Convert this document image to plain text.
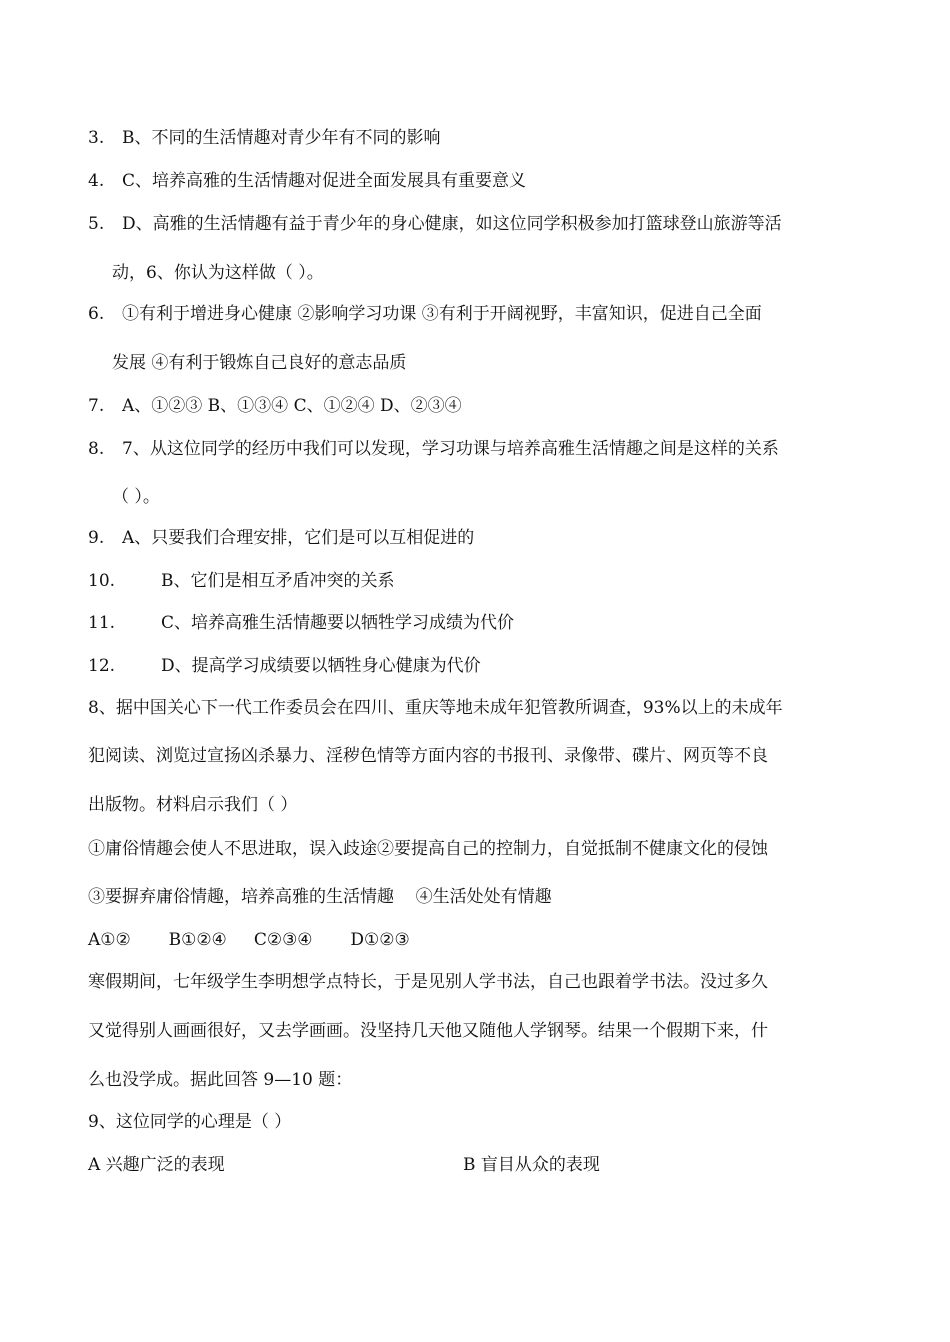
3. B、不同的生活情趣对青少年有不同的影响
4. C、培养高雅的生活情趣对促进全面发展具有重要意义
5. D、高雅的生活情趣有益于青少年的身心健康，如这位同学积极参加打篮球登山旅游等活
动，6、你认为这样做（ ）。
6. ①有利于增进身心健康 ②影响学习功课 ③有利于开阔视野，丰富知识，促进自己全面
发展 ④有利于锻炼自己良好的意志品质
7. A、①②③ B、①③④ C、①②④ D、②③④
8. 7、从这位同学的经历中我们可以发现，学习功课与培养高雅生活情趣之间是这样的关系
（ ）。
9. A、只要我们合理安排，它们是可以互相促进的
10.	B、它们是相互矛盾冲突的关系
11.	C、培养高雅生活情趣要以牺牲学习成绩为代价
12.	D、提高学习成绩要以牺牲身心健康为代价
8、据中国关心下一代工作委员会在四川、重庆等地未成年犯管教所调查，93%以上的未成年
犯阅读、浏览过宣扬凶杀暴力、淫秽色情等方面内容的书报刊、录像带、碟片、网页等不良
出版物。材料启示我们（ ）
①庸俗情趣会使人不思进取，误入歧途②要提高自己的控制力，自觉抵制不健康文化的侵蚀
③要摒弃庸俗情趣，培养高雅的生活情趣    ④生活处处有情趣
A①②       B①②④     C②③④       D①②③
寒假期间，七年级学生李明想学点特长，于是见别人学书法，自己也跟着学书法。没过多久
又觉得别人画画很好，又去学画画。没坚持几天他又随他人学钢琴。结果一个假期下来，什
么也没学成。据此回答 9—10 题：
9、这位同学的心理是（ ）
A 兴趣广泛的表现	B 盲目从众的表现
